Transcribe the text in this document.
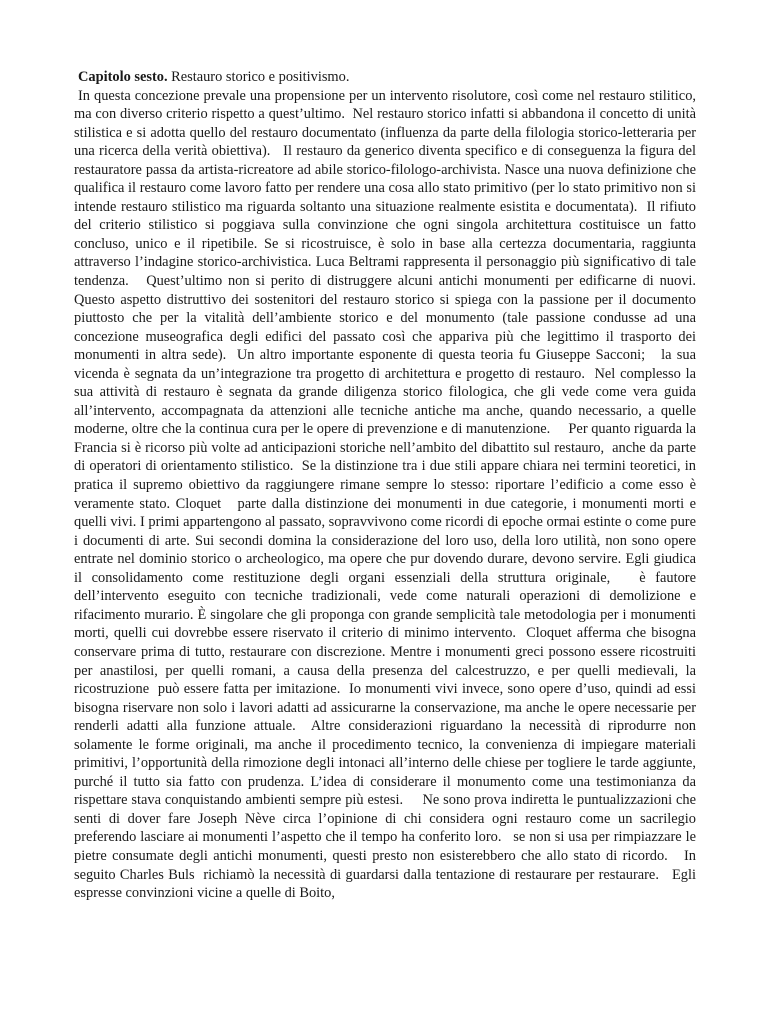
Capitolo sesto. Restauro storico e positivismo.

In questa concezione prevale una propensione per un intervento risolutore, così come nel restauro stilitico, ma con diverso criterio rispetto a quest’ultimo.  Nel restauro storico infatti si abbandona il concetto di unità stilistica e si adotta quello del restauro documentato (influenza da parte della filologia storico-letteraria per una ricerca della verità obiettiva).   Il restauro da generico diventa specifico e di conseguenza la figura del restauratore passa da artista-ricreatore ad abile storico-filologo-archivista. Nasce una nuova definizione che qualifica il restauro come lavoro fatto per rendere una cosa allo stato primitivo (per lo stato primitivo non si intende restauro stilistico ma riguarda soltanto una situazione realmente esistita e documentata).  Il rifiuto del criterio stilistico si poggiava sulla convinzione che ogni singola architettura costituisce un fatto concluso, unico e il ripetibile. Se si ricostruisce, è solo in base alla certezza documentaria, raggiunta attraverso l’indagine storico-archivistica. Luca Beltrami rappresenta il personaggio più significativo di tale tendenza.   Quest’ultimo non si perito di distruggere alcuni antichi monumenti per edificarne di nuovi. Questo aspetto distruttivo dei sostenitori del restauro storico si spiega con la passione per il documento piuttosto che per la vitalità dell’ambiente storico e del monumento (tale passione condusse ad una concezione museografica degli edifici del passato così che appariva più che legittimo il trasporto dei monumenti in altra sede).  Un altro importante esponente di questa teoria fu Giuseppe Sacconi;   la sua vicenda è segnata da un’integrazione tra progetto di architettura e progetto di restauro.  Nel complesso la sua attività di restauro è segnata da grande diligenza storico filologica, che gli vede come vera guida all’intervento, accompagnata da attenzioni alle tecniche antiche ma anche, quando necessario, a quelle moderne, oltre che la continua cura per le opere di prevenzione e di manutenzione.     Per quanto riguarda la Francia si è ricorso più volte ad anticipazioni storiche nell’ambito del dibattito sul restauro,  anche da parte di operatori di orientamento stilistico.  Se la distinzione tra i due stili appare chiara nei termini teoretici, in pratica il supremo obiettivo da raggiungere rimane sempre lo stesso: riportare l’edificio a come esso è veramente stato. Cloquet   parte dalla distinzione dei monumenti in due categorie, i monumenti morti e quelli vivi. I primi appartengono al passato, sopravvivono come ricordi di epoche ormai estinte o come pure i documenti di arte. Sui secondi domina la considerazione del loro uso, della loro utilità, non sono opere entrate nel dominio storico o archeologico, ma opere che pur dovendo durare, devono servire. Egli giudica il consolidamento come restituzione degli organi essenziali della struttura originale,   è fautore dell’intervento eseguito con tecniche tradizionali, vede come naturali operazioni di demolizione e rifacimento murario. È singolare che gli proponga con grande semplicità tale metodologia per i monumenti morti, quelli cui dovrebbe essere riservato il criterio di minimo intervento.  Cloquet afferma che bisogna conservare prima di tutto, restaurare con discrezione. Mentre i monumenti greci possono essere ricostruiti per anastilosi, per quelli romani, a causa della presenza del calcestruzzo, e per quelli medievali, la ricostruzione  può essere fatta per imitazione.  Io monumenti vivi invece, sono opere d’uso, quindi ad essi bisogna riservare non solo i lavori adatti ad assicurarne la conservazione, ma anche le opere necessarie per renderli adatti alla funzione attuale.  Altre considerazioni riguardano la necessità di riprodurre non solamente le forme originali, ma anche il procedimento tecnico, la convenienza di impiegare materiali primitivi, l’opportunità della rimozione degli intonaci all’interno delle chiese per togliere le tarde aggiunte, purché il tutto sia fatto con prudenza. L’idea di considerare il monumento come una testimonianza da rispettare stava conquistando ambienti sempre più estesi.     Ne sono prova indiretta le puntualizzazioni che senti di dover fare Joseph Nève circa l’opinione di chi considera ogni restauro come un sacrilegio preferendo lasciare ai monumenti l’aspetto che il tempo ha conferito loro.   se non si usa per rimpiazzare le pietre consumate degli antichi monumenti, questi presto non esisterebbero che allo stato di ricordo.   In seguito Charles Buls  richiamò la necessità di guardarsi dalla tentazione di restaurare per restaurare.   Egli espresse convinzioni vicine a quelle di Boito,
